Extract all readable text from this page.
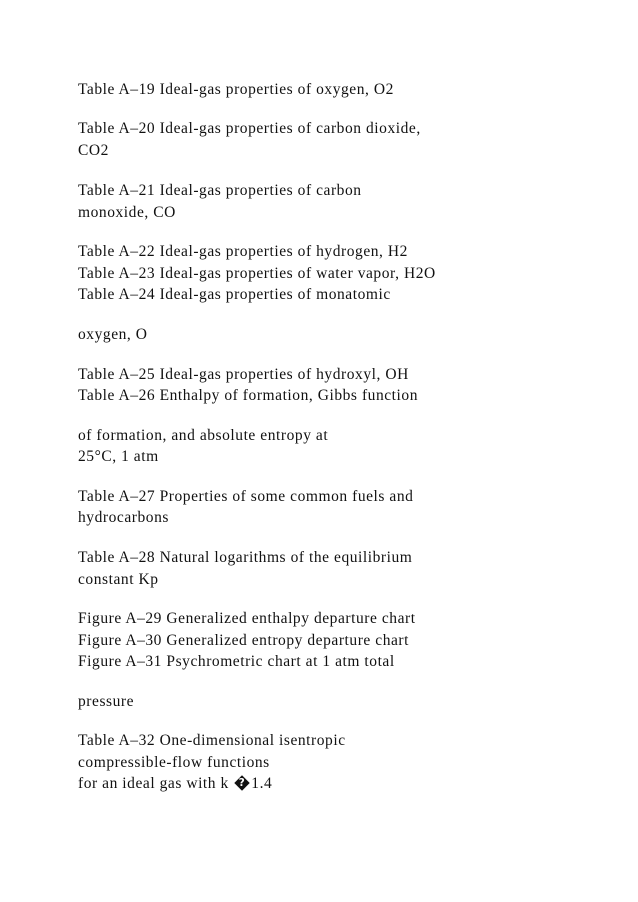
Table A–19 Ideal-gas properties of oxygen, O2
Table A–20 Ideal-gas properties of carbon dioxide,
CO2
Table A–21 Ideal-gas properties of carbon
monoxide, CO
Table A–22 Ideal-gas properties of hydrogen, H2
Table A–23 Ideal-gas properties of water vapor, H2O
Table A–24 Ideal-gas properties of monatomic
oxygen, O
Table A–25 Ideal-gas properties of hydroxyl, OH
Table A–26 Enthalpy of formation, Gibbs function
of formation, and absolute entropy at
25°C, 1 atm
Table A–27 Properties of some common fuels and
hydrocarbons
Table A–28 Natural logarithms of the equilibrium
constant Kp
Figure A–29 Generalized enthalpy departure chart
Figure A–30 Generalized entropy departure chart
Figure A–31 Psychrometric chart at 1 atm total
pressure
Table A–32 One-dimensional isentropic
compressible-flow functions
for an ideal gas with k  ? 1.4
